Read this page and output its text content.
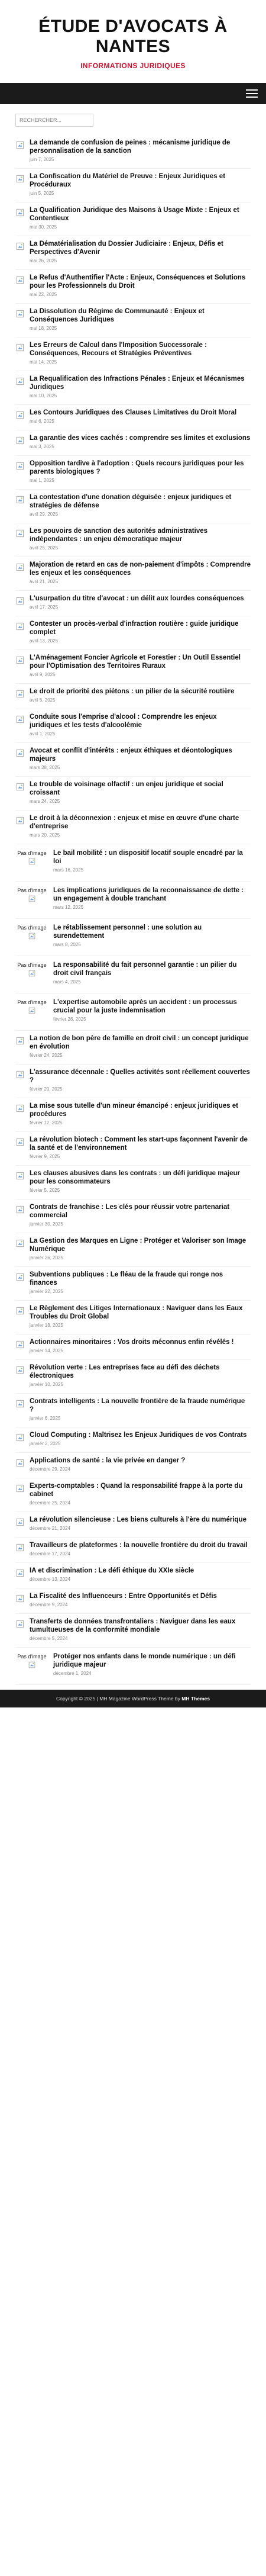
ÉTUDE D'AVOCATS À NANTES
INFORMATIONS JURIDIQUES
RECHERCHER...
La demande de confusion de peines : mécanisme juridique de personnalisation de la sanction
juin 7, 2025
La Confiscation du Matériel de Preuve : Enjeux Juridiques et Procéduraux
juin 5, 2025
La Qualification Juridique des Maisons à Usage Mixte : Enjeux et Contentieux
mai 30, 2025
La Dématérialisation du Dossier Judiciaire : Enjeux, Défis et Perspectives d'Avenir
mai 26, 2025
Le Refus d'Authentifier l'Acte : Enjeux, Conséquences et Solutions pour les Professionnels du Droit
mai 22, 2025
La Dissolution du Régime de Communauté : Enjeux et Conséquences Juridiques
mai 18, 2025
Les Erreurs de Calcul dans l'Imposition Successorale : Conséquences, Recours et Stratégies Préventives
mai 14, 2025
La Requalification des Infractions Pénales : Enjeux et Mécanismes Juridiques
mai 10, 2025
Les Contours Juridiques des Clauses Limitatives du Droit Moral
mai 6, 2025
La garantie des vices cachés : comprendre ses limites et exclusions
mai 3, 2025
Opposition tardive à l'adoption : Quels recours juridiques pour les parents biologiques ?
mai 1, 2025
La contestation d'une donation déguisée : enjeux juridiques et stratégies de défense
avril 29, 2025
Les pouvoirs de sanction des autorités administratives indépendantes : un enjeu démocratique majeur
avril 25, 2025
Majoration de retard en cas de non-paiement d'impôts : Comprendre les enjeux et les conséquences
avril 21, 2025
L'usurpation du titre d'avocat : un délit aux lourdes conséquences
avril 17, 2025
Contester un procès-verbal d'infraction routière : guide juridique complet
avril 13, 2025
L'Aménagement Foncier Agricole et Forestier : Un Outil Essentiel pour l'Optimisation des Territoires Ruraux
avril 9, 2025
Le droit de priorité des piétons : un pilier de la sécurité routière
avril 5, 2025
Conduite sous l'emprise d'alcool : Comprendre les enjeux juridiques et les tests d'alcoolémie
avril 1, 2025
Avocat et conflit d'intérêts : enjeux éthiques et déontologiques majeurs
mars 28, 2025
Le trouble de voisinage olfactif : un enjeu juridique et social croissant
mars 24, 2025
Le droit à la déconnexion : enjeux et mise en œuvre d'une charte d'entreprise
mars 20, 2025
Pas d'image Le bail mobilité : un dispositif locatif souple encadré par la loi
mars 16, 2025
Pas d'image Les implications juridiques de la reconnaissance de dette : un engagement à double tranchant
mars 12, 2025
Pas d'image Le rétablissement personnel : une solution au surendettement
mars 8, 2025
Pas d'image La responsabilité du fait personnel garantie : un pilier du droit civil français
mars 4, 2025
Pas d'image L'expertise automobile après un accident : un processus crucial pour la juste indemnisation
février 28, 2025
La notion de bon père de famille en droit civil : un concept juridique en évolution
février 24, 2025
L'assurance décennale : Quelles activités sont réellement couvertes ?
février 20, 2025
La mise sous tutelle d'un mineur émancipé : enjeux juridiques et procédures
février 12, 2025
La révolution biotech : Comment les start-ups façonnent l'avenir de la santé et de l'environnement
février 9, 2025
Les clauses abusives dans les contrats : un défi juridique majeur pour les consommateurs
février 5, 2025
Contrats de franchise : Les clés pour réussir votre partenariat commercial
janvier 30, 2025
La Gestion des Marques en Ligne : Protéger et Valoriser son Image Numérique
janvier 26, 2025
Subventions publiques : Le fléau de la fraude qui ronge nos finances
janvier 22, 2025
Le Règlement des Litiges Internationaux : Naviguer dans les Eaux Troubles du Droit Global
janvier 18, 2025
Actionnaires minoritaires : Vos droits méconnus enfin révélés !
janvier 14, 2025
Révolution verte : Les entreprises face au défi des déchets électroniques
janvier 10, 2025
Contrats intelligents : La nouvelle frontière de la fraude numérique ?
janvier 6, 2025
Cloud Computing : Maîtrisez les Enjeux Juridiques de vos Contrats
janvier 2, 2025
Applications de santé : la vie privée en danger ?
décembre 29, 2024
Experts-comptables : Quand la responsabilité frappe à la porte du cabinet
décembre 25, 2024
La révolution silencieuse : Les biens culturels à l'ère du numérique
décembre 21, 2024
Travailleurs de plateformes : la nouvelle frontière du droit du travail
décembre 17, 2024
IA et discrimination : Le défi éthique du XXIe siècle
décembre 13, 2024
La Fiscalité des Influenceurs : Entre Opportunités et Défis
décembre 9, 2024
Transferts de données transfrontaliers : Naviguer dans les eaux tumultueuses de la conformité mondiale
décembre 5, 2024
Pas d'image Protéger nos enfants dans le monde numérique : un défi juridique majeur
décembre 1, 2024
Copyright © 2025 | MH Magazine WordPress Theme by MH Themes
